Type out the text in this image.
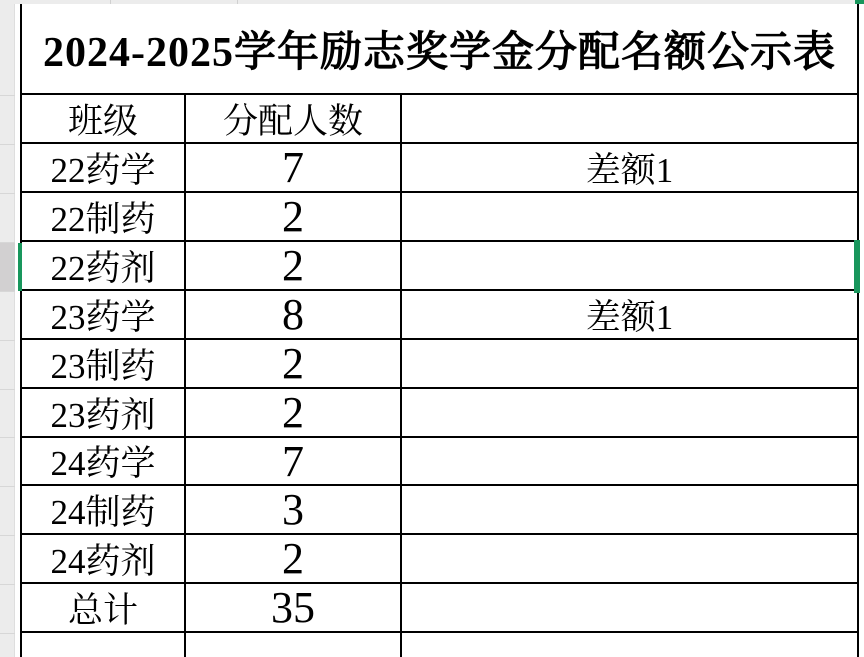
2024-2025学年励志奖学金分配名额公示表
班级	分配人数
22药学	7	差额1
22制药	2
22药剂	2
23药学	8	差额1
23制药	2
23药剂	2
24药学	7
24制药	3
24药剂	2
总计	35
